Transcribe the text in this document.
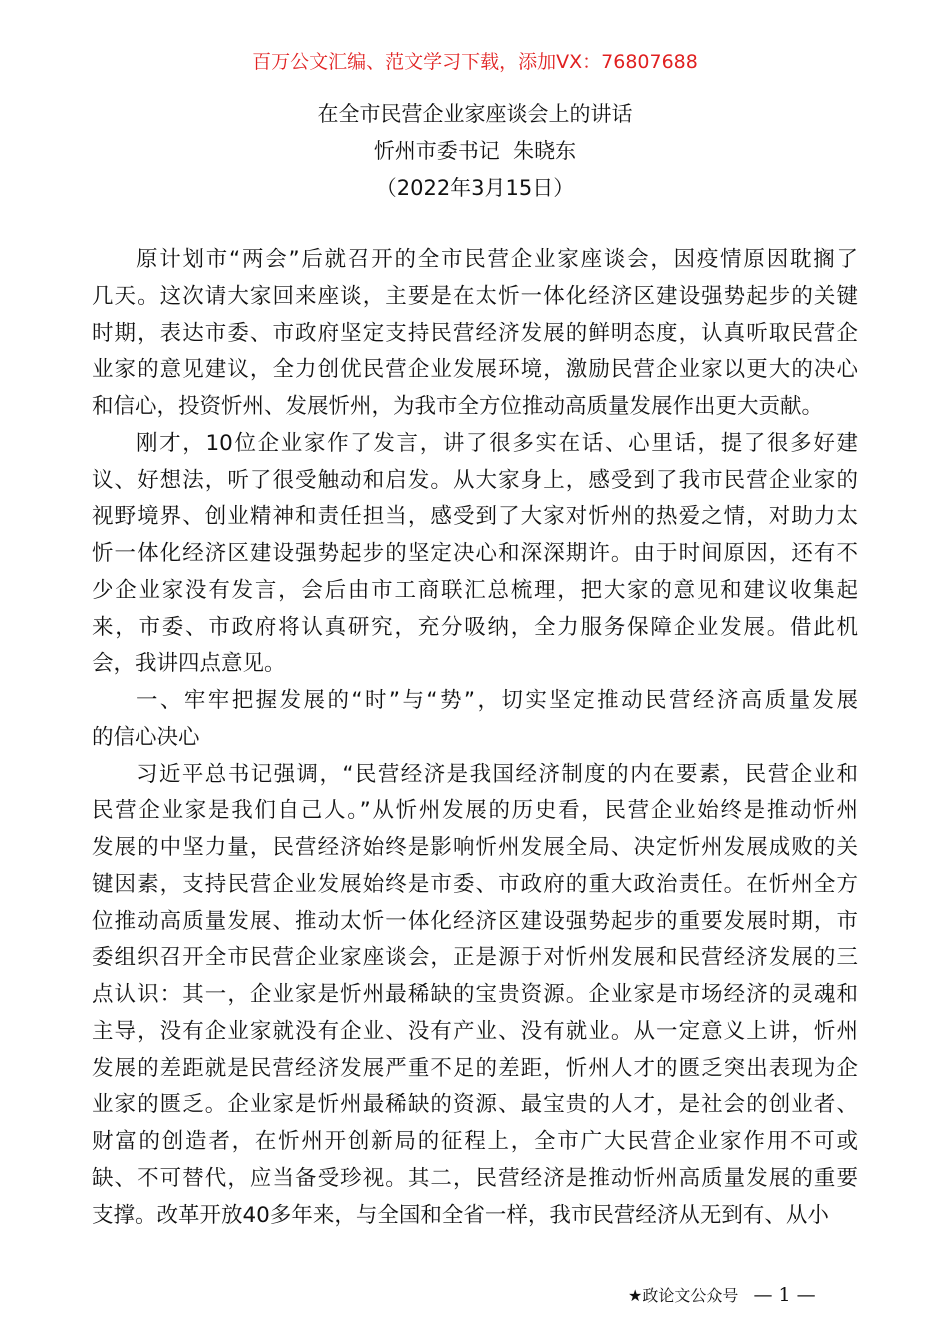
百万公文汇编、范文学习下载，添加VX：76807688
在全市民营企业家座谈会上的讲话
忻州市委书记  朱晓东
（2022年3月15日）
原计划市“两会”后就召开的全市民营企业家座谈会，因疫情原因耽搁了
几天。这次请大家回来座谈，主要是在太忻一体化经济区建设强势起步的关键
时期，表达市委、市政府坚定支持民营经济发展的鲜明态度，认真听取民营企
业家的意见建议，全力创优民营企业发展环境，激励民营企业家以更大的决心
和信心，投资忻州、发展忻州，为我市全方位推动高质量发展作出更大贡献。
刚才，10位企业家作了发言，讲了很多实在话、心里话，提了很多好建
议、好想法，听了很受触动和启发。从大家身上，感受到了我市民营企业家的
视野境界、创业精神和责任担当，感受到了大家对忻州的热爱之情，对助力太
忻一体化经济区建设强势起步的坚定决心和深深期许。由于时间原因，还有不
少企业家没有发言，会后由市工商联汇总梳理，把大家的意见和建议收集起
来，市委、市政府将认真研究，充分吸纳，全力服务保障企业发展。借此机
会，我讲四点意见。
一、牢牢把握发展的“时”与“势”，切实坚定推动民营经济高质量发展
的信心决心
习近平总书记强调，“民营经济是我国经济制度的内在要素，民营企业和
民营企业家是我们自己人。”从忻州发展的历史看，民营企业始终是推动忻州
发展的中坚力量，民营经济始终是影响忻州发展全局、决定忻州发展成败的关
键因素，支持民营企业发展始终是市委、市政府的重大政治责任。在忻州全方
位推动高质量发展、推动太忻一体化经济区建设强势起步的重要发展时期，市
委组织召开全市民营企业家座谈会，正是源于对忻州发展和民营经济发展的三
点认识：其一，企业家是忻州最稀缺的宝贵资源。企业家是市场经济的灵魂和
主导，没有企业家就没有企业、没有产业、没有就业。从一定意义上讲，忻州
发展的差距就是民营经济发展严重不足的差距，忻州人才的匮乏突出表现为企
业家的匮乏。企业家是忻州最稀缺的资源、最宝贵的人才，是社会的创业者、
财富的创造者，在忻州开创新局的征程上，全市广大民营企业家作用不可或
缺、不可替代，应当备受珍视。其二，民营经济是推动忻州高质量发展的重要
支撑。改革开放40多年来，与全国和全省一样，我市民营经济从无到有、从小
★政论文公众号 — 1 —
